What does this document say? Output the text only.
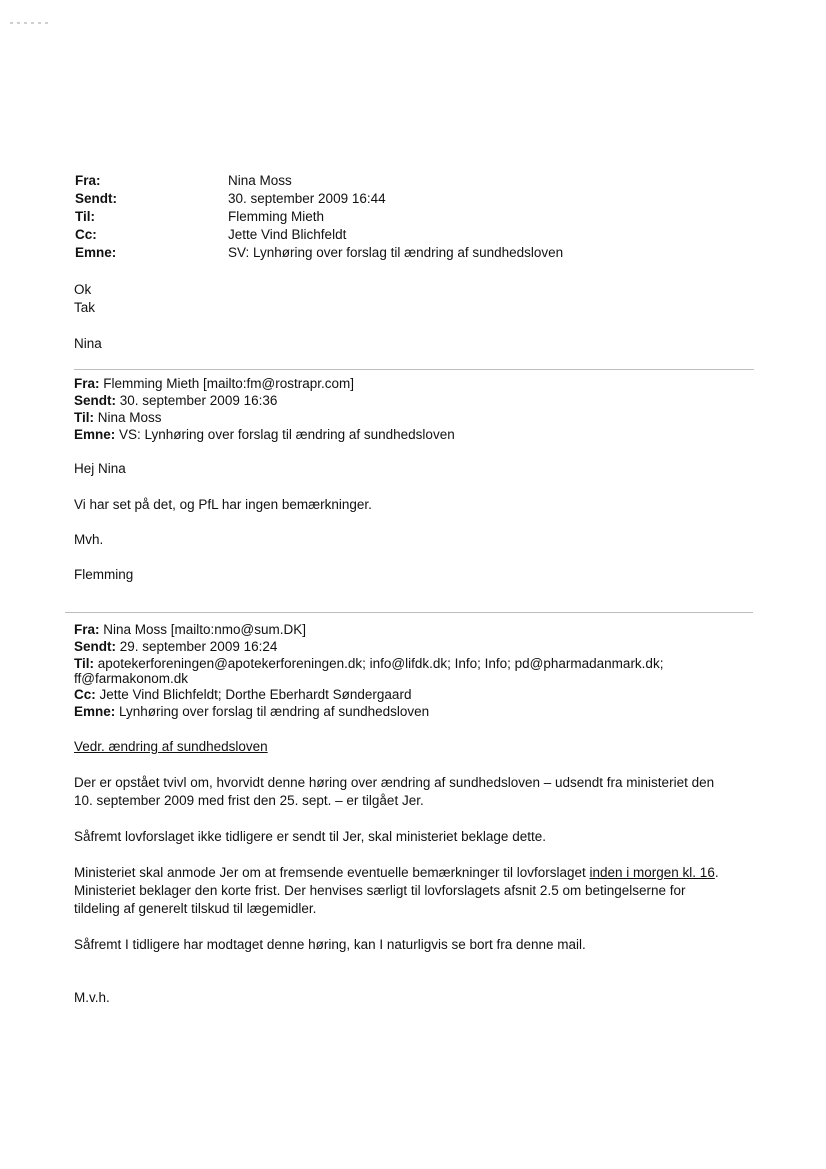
Fra:	Nina Moss
Sendt:	30. september 2009 16:44
Til:	Flemming Mieth
Cc:	Jette Vind Blichfeldt
Emne:	SV: Lynhøring over forslag til ændring af sundhedsloven
Ok
Tak
Nina
Fra: Flemming Mieth [mailto:fm@rostrapr.com]
Sendt: 30. september 2009 16:36
Til: Nina Moss
Emne: VS: Lynhøring over forslag til ændring af sundhedsloven
Hej Nina
Vi har set på det, og PfL har ingen bemærkninger.
Mvh.
Flemming
Fra: Nina Moss [mailto:nmo@sum.DK]
Sendt: 29. september 2009 16:24
Til: apotekerforeningen@apotekerforeningen.dk; info@lifdk.dk; Info; Info; pd@pharmadanmark.dk;
ff@farmakonom.dk
Cc: Jette Vind Blichfeldt; Dorthe Eberhardt Søndergaard
Emne: Lynhøring over forslag til ændring af sundhedsloven
Vedr. ændring af sundhedsloven
Der er opstået tvivl om, hvorvidt denne høring over ændring af sundhedsloven – udsendt fra ministeriet den
10. september 2009 med frist den 25. sept. – er tilgået Jer.
Såfremt lovforslaget ikke tidligere er sendt til Jer, skal ministeriet beklage dette.
Ministeriet skal anmode Jer om at fremsende eventuelle bemærkninger til lovforslaget inden i morgen kl. 16.
Ministeriet beklager den korte frist. Der henvises særligt til lovforslagets afsnit 2.5 om betingelserne for
tildeling af generelt tilskud til lægemidler.
Såfremt I tidligere har modtaget denne høring, kan I naturligvis se bort fra denne mail.
M.v.h.
